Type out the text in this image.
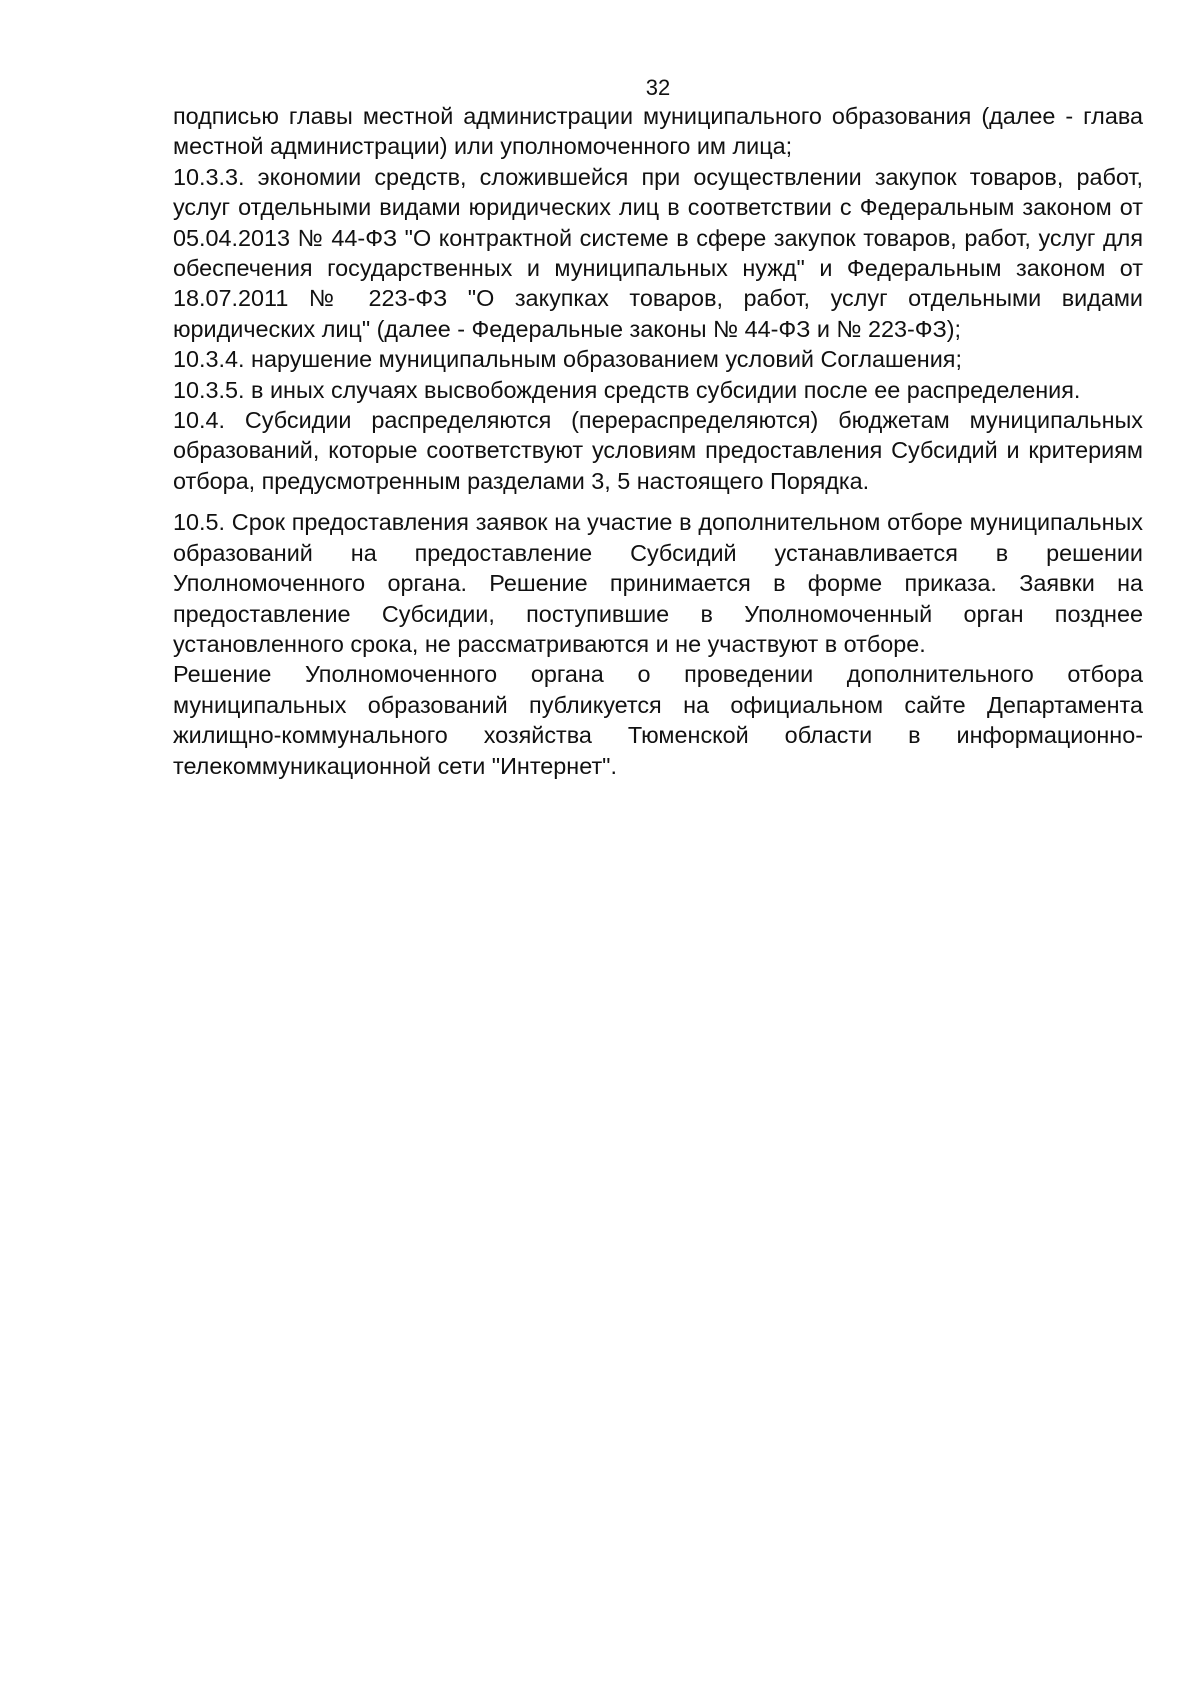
32

подписью главы местной администрации муниципального образования (далее - глава местной администрации) или уполномоченного им лица;

10.3.3. экономии средств, сложившейся при осуществлении закупок товаров, работ, услуг отдельными видами юридических лиц в соответствии с Федеральным законом от 05.04.2013 № 44-ФЗ "О контрактной системе в сфере закупок товаров, работ, услуг для обеспечения государственных и муниципальных нужд" и Федеральным законом от 18.07.2011 № 223-ФЗ "О закупках товаров, работ, услуг отдельными видами юридических лиц" (далее - Федеральные законы № 44-ФЗ и № 223-ФЗ);

10.3.4. нарушение муниципальным образованием условий Соглашения;

10.3.5. в иных случаях высвобождения средств субсидии после ее распределения.

10.4. Субсидии распределяются (перераспределяются) бюджетам муниципальных образований, которые соответствуют условиям предоставления Субсидий и критериям отбора, предусмотренным разделами 3, 5 настоящего Порядка.

10.5. Срок предоставления заявок на участие в дополнительном отборе муниципальных образований на предоставление Субсидий устанавливается в решении Уполномоченного органа. Решение принимается в форме приказа. Заявки на предоставление Субсидии, поступившие в Уполномоченный орган позднее установленного срока, не рассматриваются и не участвуют в отборе.

Решение Уполномоченного органа о проведении дополнительного отбора муниципальных образований публикуется на официальном сайте Департамента жилищно-коммунального хозяйства Тюменской области в информационно-телекоммуникационной сети "Интернет".
